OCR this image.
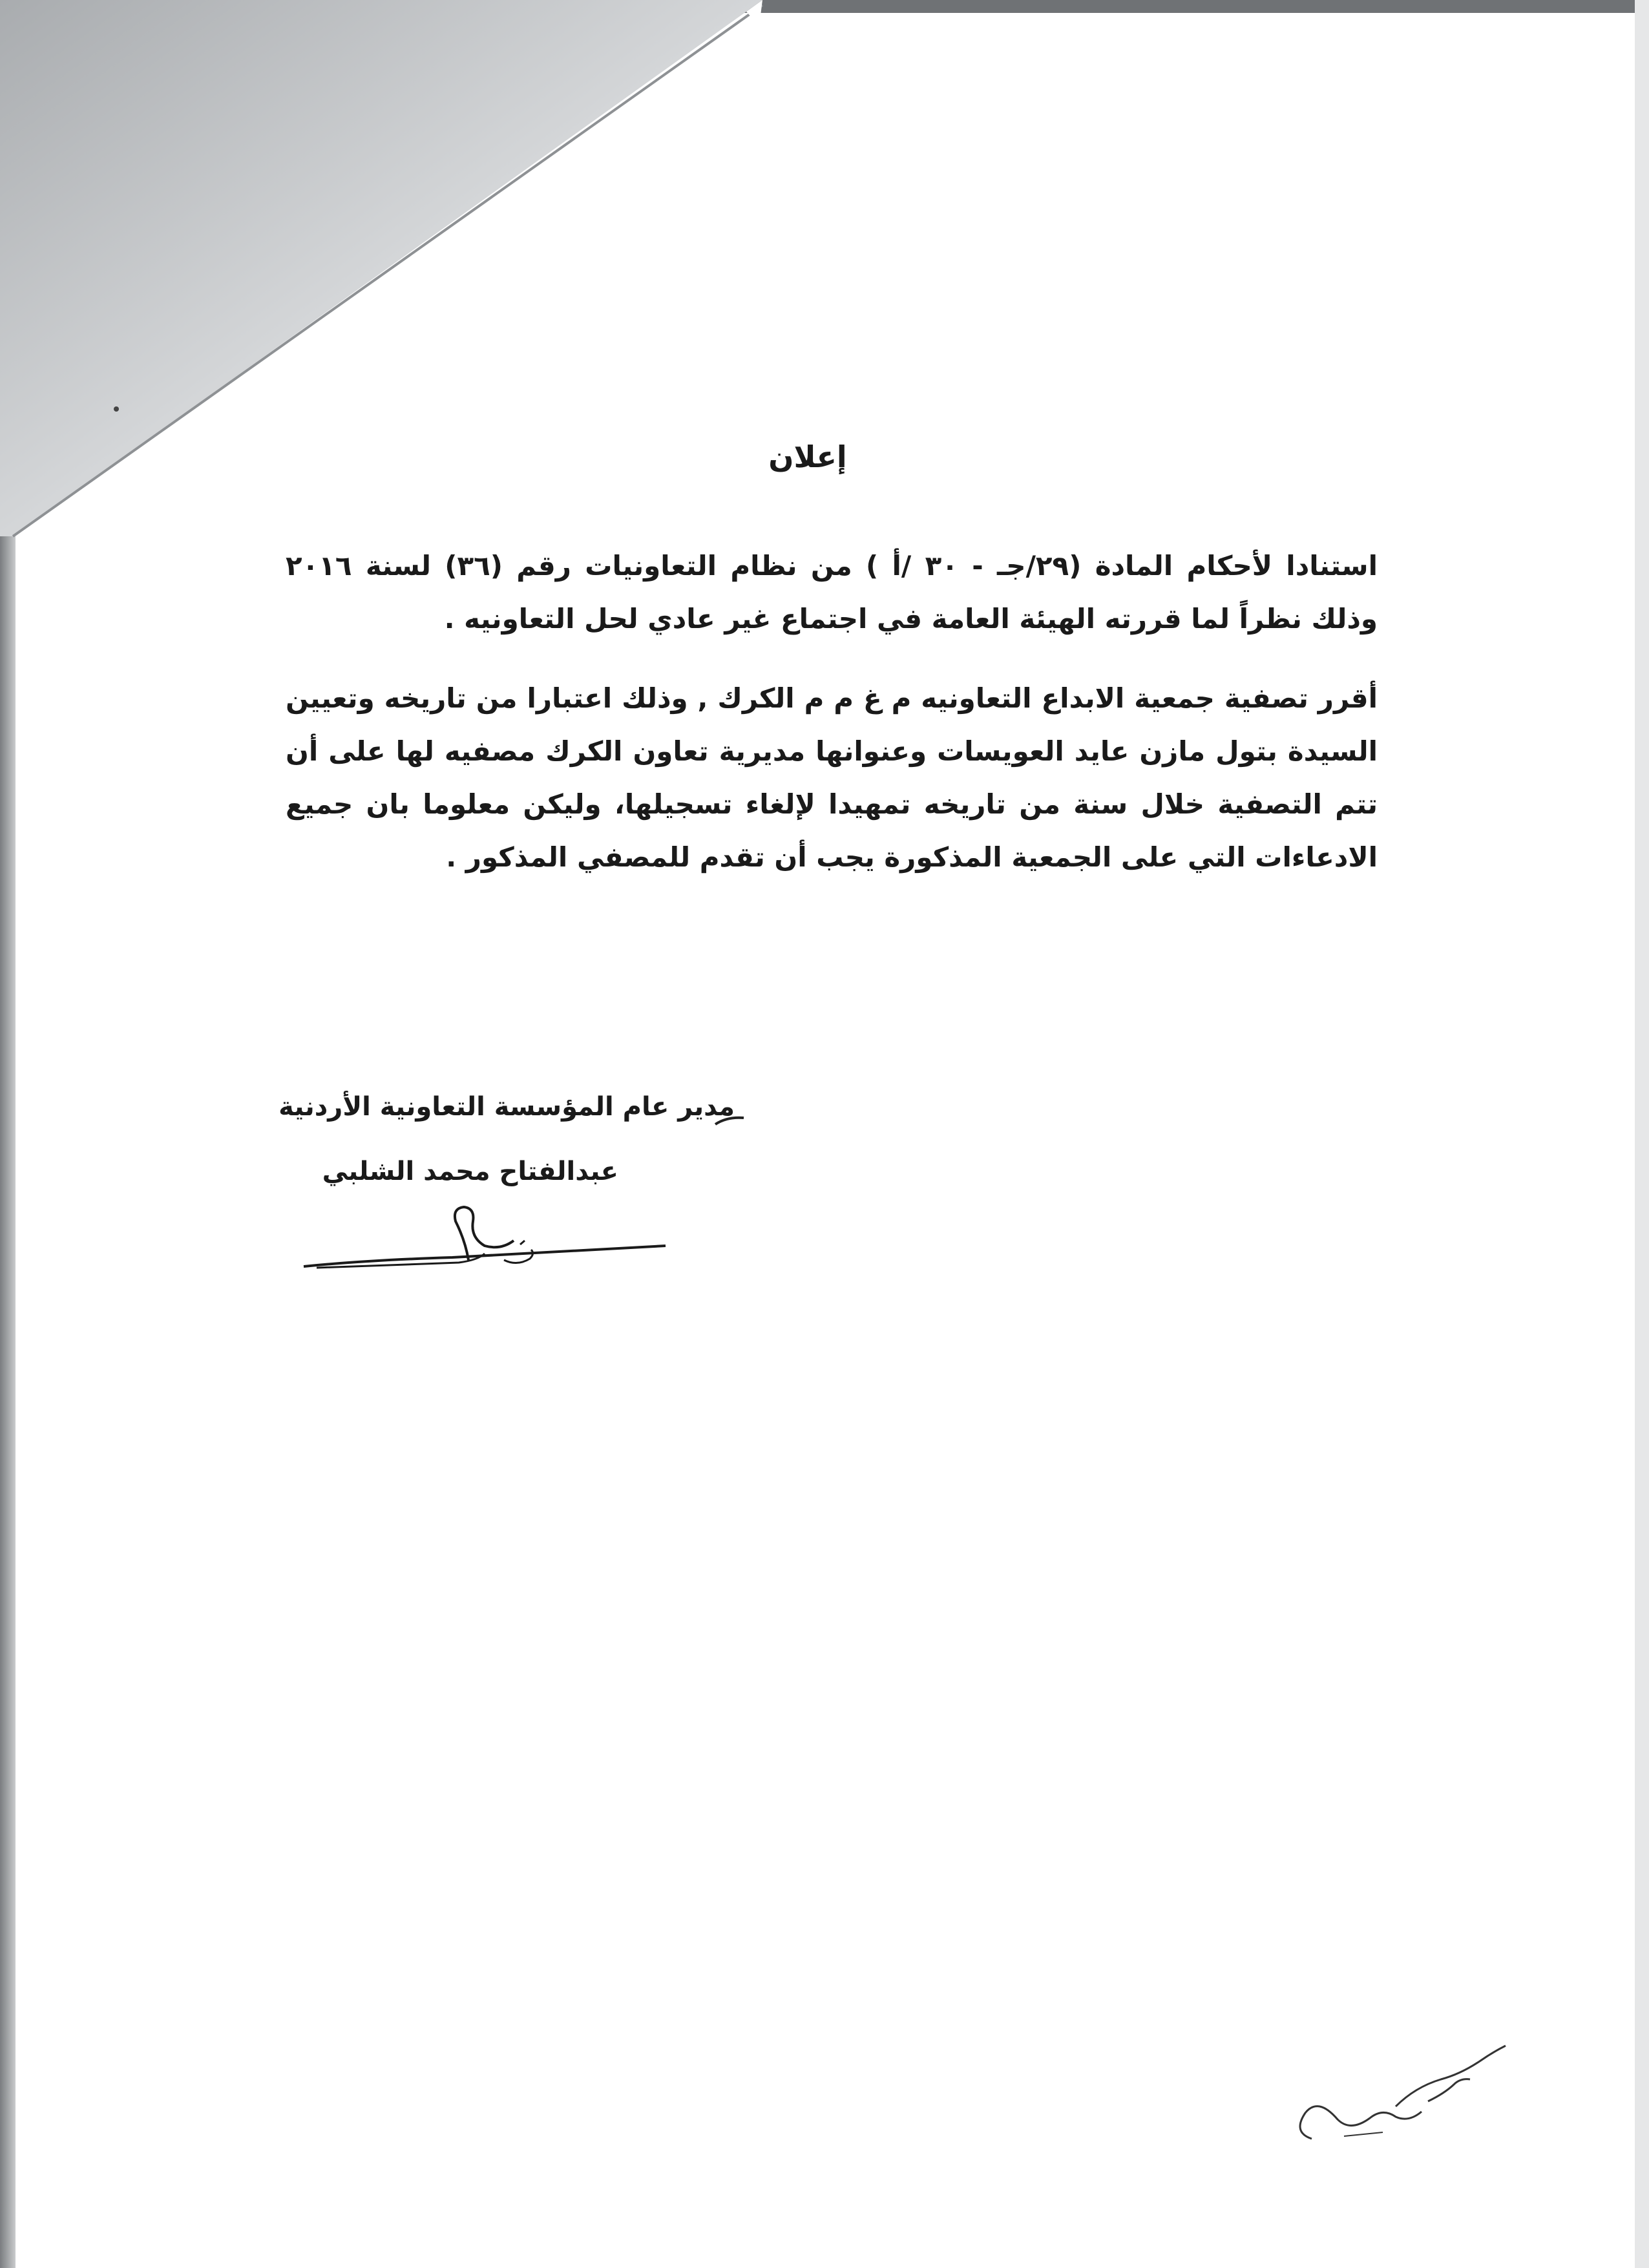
إعلان
استنادا لأحكام المادة (٢٩/جـ - ٣٠ /أ ) من نظام التعاونيات رقم (٣٦) لسنة ٢٠١٦ وذلك نظراً لما قررته الهيئة العامة في اجتماع غير عادي لحل التعاونيه .
أقرر تصفية جمعية الابداع التعاونيه م غ م م الكرك , وذلك اعتبارا من تاريخه وتعيين السيدة بتول مازن عايد العويسات وعنوانها مديرية تعاون الكرك مصفيه لها على أن تتم التصفية خلال سنة من تاريخه تمهيدا لإلغاء تسجيلها، وليكن معلوما بان جميع الادعاءات التي على الجمعية المذكورة يجب أن تقدم للمصفي المذكور .
مدير عام المؤسسة التعاونية الأردنية
عبدالفتاح محمد الشلبي
